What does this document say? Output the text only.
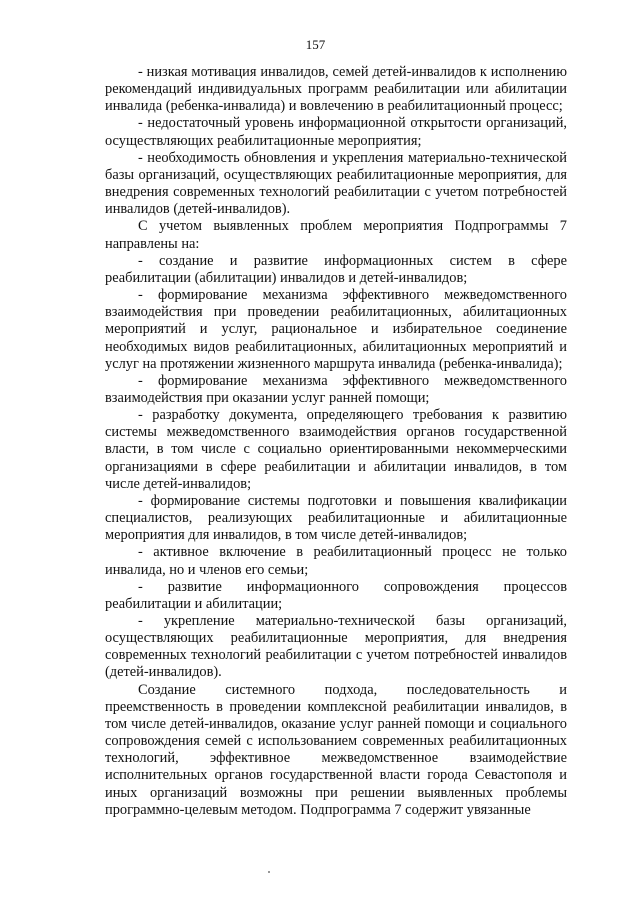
157

- низкая мотивация инвалидов, семей детей-инвалидов к исполнению рекомендаций индивидуальных программ реабилитации или абилитации инвалида (ребенка-инвалида) и вовлечению в реабилитационный процесс;

- недостаточный уровень информационной открытости организаций, осуществляющих реабилитационные мероприятия;

- необходимость обновления и укрепления материально-технической базы организаций, осуществляющих реабилитационные мероприятия, для внедрения современных технологий реабилитации с учетом потребностей инвалидов (детей-инвалидов).

С учетом выявленных проблем мероприятия Подпрограммы 7 направлены на:

- создание и развитие информационных систем в сфере реабилитации (абилитации) инвалидов и детей-инвалидов;

- формирование механизма эффективного межведомственного взаимодействия при проведении реабилитационных, абилитационных мероприятий и услуг, рациональное и избирательное соединение необходимых видов реабилитационных, абилитационных мероприятий и услуг на протяжении жизненного маршрута инвалида (ребенка-инвалида);

- формирование механизма эффективного межведомственного взаимодействия при оказании услуг ранней помощи;

- разработку документа, определяющего требования к развитию системы межведомственного взаимодействия органов государственной власти, в том числе с социально ориентированными некоммерческими организациями в сфере реабилитации и абилитации инвалидов, в том числе детей-инвалидов;

- формирование системы подготовки и повышения квалификации специалистов, реализующих реабилитационные и абилитационные мероприятия для инвалидов, в том числе детей-инвалидов;

- активное включение в реабилитационный процесс не только инвалида, но и членов его семьи;

- развитие информационного сопровождения процессов реабилитации и абилитации;

- укрепление материально-технической базы организаций, осуществляющих реабилитационные мероприятия, для внедрения современных технологий реабилитации с учетом потребностей инвалидов (детей-инвалидов).

Создание системного подхода, последовательность и преемственность в проведении комплексной реабилитации инвалидов, в том числе детей-инвалидов, оказание услуг ранней помощи и социального сопровождения семей с использованием современных реабилитационных технологий, эффективное межведомственное взаимодействие исполнительных органов государственной власти города Севастополя и иных организаций возможны при решении выявленных проблемы программно-целевым методом. Подпрограмма 7 содержит увязанные
